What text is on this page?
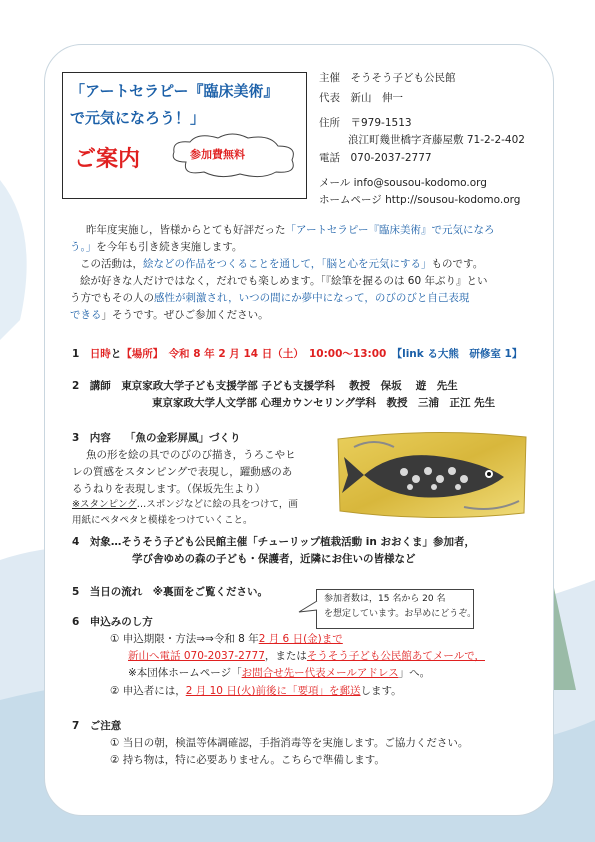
「アートセラピー『臨床美術』
で元気になろう！」
ご案内	参加費無料
主催　 そうそう子ども公民館
代表　 新山　伸一
住所　 〒979-1513
浪江町幾世橋字斉藤屋敷 71-2-2-402
電話　 070-2037-2777
メール info@sousou-kodomo.org
ホームページ http://sousou-kodomo.org
昨年度実施し，皆様からとても好評だった「アートセラピー『臨床美術』で元気になろ
う。」を今年も引き続き実施します。
この活動は，絵などの作品をつくることを通して，「脳と心を元気にする」ものです。
絵が好きな人だけではなく，だれでも楽しめます。「『絵筆を握るのは 60 年ぶり』とい
う方でもその人の感性が刺激され，いつの間にか夢中になって，のびのびと自己表現
できる」そうです。ぜひご参加ください。
1　 日時と【場所】　 令和 8 年 2 月 14 日（土）　 10:00～13:00　 【link る大熊　研修室 1】
2　講師　 東京家政大学子ども支援学部 子ども支援学科　 教授　保坂　 遊　先生
東京家政大学人文学部 心理カウンセリング学科　教授　三浦　正江 先生
3　内容　 「魚の金彩屏風」づくり
魚の形を絵の具でのびのび描き，うろこやヒ
レの質感をスタンピングで表現し，躍動感のあ
るうねりを表現します。（保坂先生より）
※スタンピング…スポンジなどに絵の具をつけて，画
用紙にペタペタと模様をつけていくこと。
4　対象…そうそう子ども公民館主催「チューリップ植栽活動 in おおくま」参加者，
学び舎ゆめの森の子ども・保護者，近隣にお住いの皆様など
5　当日の流れ　※裏面をご覧ください。
参加者数は，15 名から 20 名
を想定しています。お早めにどうぞ。
6　申込みのし方
① 申込期限・方法⇒⇒令和 8 年2 月 6 日(金)まで
新山へ電話 070-2037-2777，またはそうそう子ども公民館あてメールで，
※本団体ホームページ「お問合せ先ー代表メールアドレス」へ。
② 申込者には，2 月 10 日(火)前後に「要項」を郵送します。
7　ご注意
① 当日の朝，検温等体調確認，手指消毒等を実施します。ご協力ください。
② 持ち物は，特に必要ありません。こちらで準備します。
